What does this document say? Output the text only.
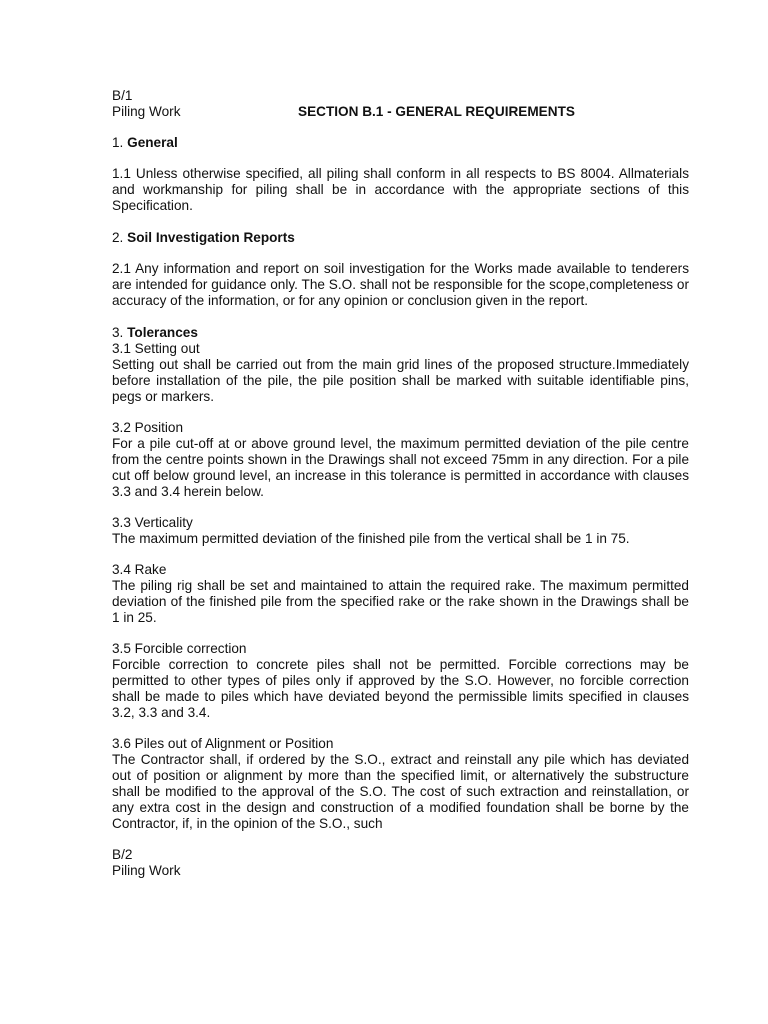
B/1
Piling Work	SECTION B.1 - GENERAL REQUIREMENTS

1. General

1.1 Unless otherwise specified, all piling shall conform in all respects to BS 8004. Allmaterials and workmanship for piling shall be in accordance with the appropriate sections of this Specification.

2. Soil Investigation Reports

2.1 Any information and report on soil investigation for the Works made available to tenderers are intended for guidance only. The S.O. shall not be responsible for the scope,completeness or accuracy of the information, or for any opinion or conclusion given in the report.

3. Tolerances

3.1 Setting out

Setting out shall be carried out from the main grid lines of the proposed structure.Immediately before installation of the pile, the pile position shall be marked with suitable identifiable pins, pegs or markers.

3.2 Position

For a pile cut-off at or above ground level, the maximum permitted deviation of the pile centre from the centre points shown in the Drawings shall not exceed 75mm in any direction. For a pile cut off below ground level, an increase in this tolerance is permitted in accordance with clauses 3.3 and 3.4 herein below.

3.3 Verticality

The maximum permitted deviation of the finished pile from the vertical shall be 1 in 75.

3.4 Rake

The piling rig shall be set and maintained to attain the required rake. The maximum permitted deviation of the finished pile from the specified rake or the rake shown in the Drawings shall be 1 in 25.

3.5 Forcible correction

Forcible correction to concrete piles shall not be permitted. Forcible corrections may be permitted to other types of piles only if approved by the S.O. However, no forcible correction shall be made to piles which have deviated beyond the permissible limits specified in clauses 3.2, 3.3 and 3.4.

3.6 Piles out of Alignment or Position

The Contractor shall, if ordered by the S.O., extract and reinstall any pile which has deviated out of position or alignment by more than the specified limit, or alternatively the substructure shall be modified to the approval of the S.O. The cost of such extraction and reinstallation, or any extra cost in the design and construction of a modified foundation shall be borne by the Contractor, if, in the opinion of the S.O., such

B/2
Piling Work
